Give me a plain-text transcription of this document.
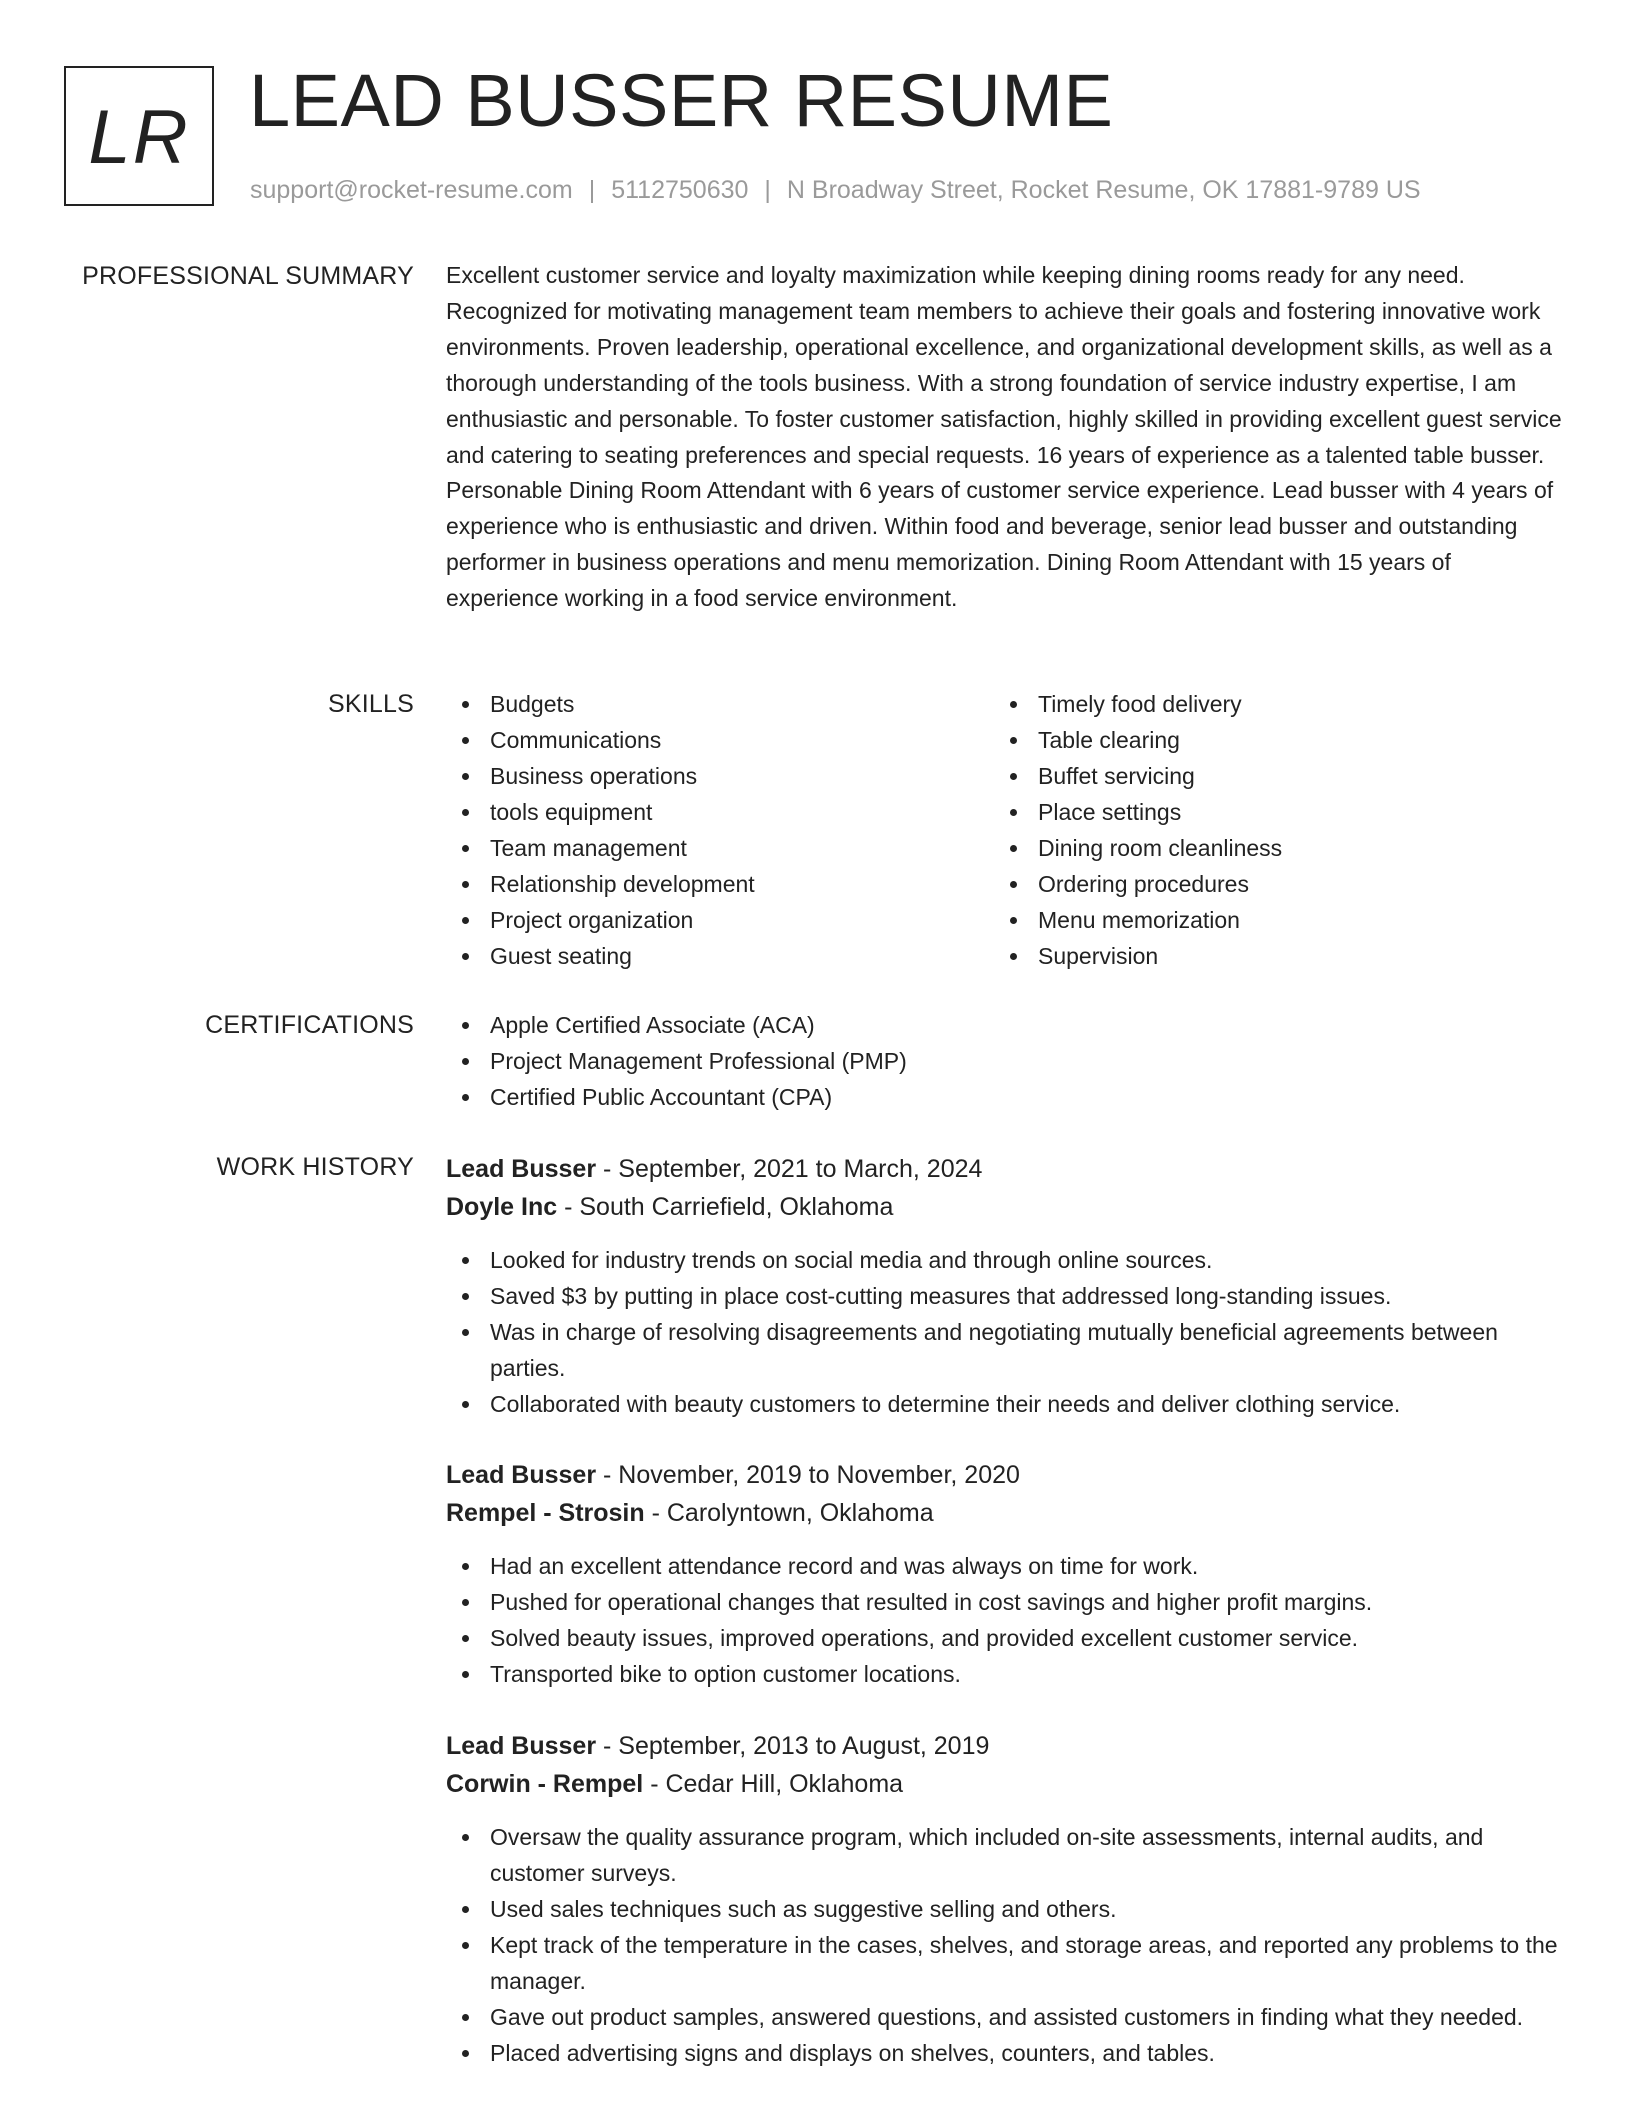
LR LEAD BUSSER RESUME
support@rocket-resume.com | 5112750630 | N Broadway Street, Rocket Resume, OK 17881-9789 US
PROFESSIONAL SUMMARY Excellent customer service and loyalty maximization while keeping dining rooms ready for any need. Recognized for motivating management team members to achieve their goals and fostering innovative work environments. Proven leadership, operational excellence, and organizational development skills, as well as a thorough understanding of the tools business. With a strong foundation of service industry expertise, I am enthusiastic and personable. To foster customer satisfaction, highly skilled in providing excellent guest service and catering to seating preferences and special requests. 16 years of experience as a talented table busser. Personable Dining Room Attendant with 6 years of customer service experience. Lead busser with 4 years of experience who is enthusiastic and driven. Within food and beverage, senior lead busser and outstanding performer in business operations and menu memorization. Dining Room Attendant with 15 years of experience working in a food service environment.

SKILLS	Budgets
Communications
Business operations
tools equipment
Team management
Relationship development
Project organization
Guest seating
Timely food delivery
Table clearing
Buffet servicing
Place settings
Dining room cleanliness
Ordering procedures
Menu memorization
Supervision
CERTIFICATIONS	Apple Certified Associate (ACA)
Project Management Professional (PMP)
Certified Public Accountant (CPA)
WORK HISTORY Lead Busser - September, 2021 to March, 2024
Doyle Inc - South Carriefield, Oklahoma
Looked for industry trends on social media and through online sources.
Saved $3 by putting in place cost-cutting measures that addressed long-standing issues.
Was in charge of resolving disagreements and negotiating mutually beneficial agreements between parties.
Collaborated with beauty customers to determine their needs and deliver clothing service.
Lead Busser - November, 2019 to November, 2020
Rempel - Strosin - Carolyntown, Oklahoma
Had an excellent attendance record and was always on time for work.
Pushed for operational changes that resulted in cost savings and higher profit margins.
Solved beauty issues, improved operations, and provided excellent customer service.
Transported bike to option customer locations.
Lead Busser - September, 2013 to August, 2019
Corwin - Rempel - Cedar Hill, Oklahoma
Oversaw the quality assurance program, which included on-site assessments, internal audits, and customer surveys.
Used sales techniques such as suggestive selling and others.
Kept track of the temperature in the cases, shelves, and storage areas, and reported any problems to the manager.
Gave out product samples, answered questions, and assisted customers in finding what they needed.
Placed advertising signs and displays on shelves, counters, and tables.
